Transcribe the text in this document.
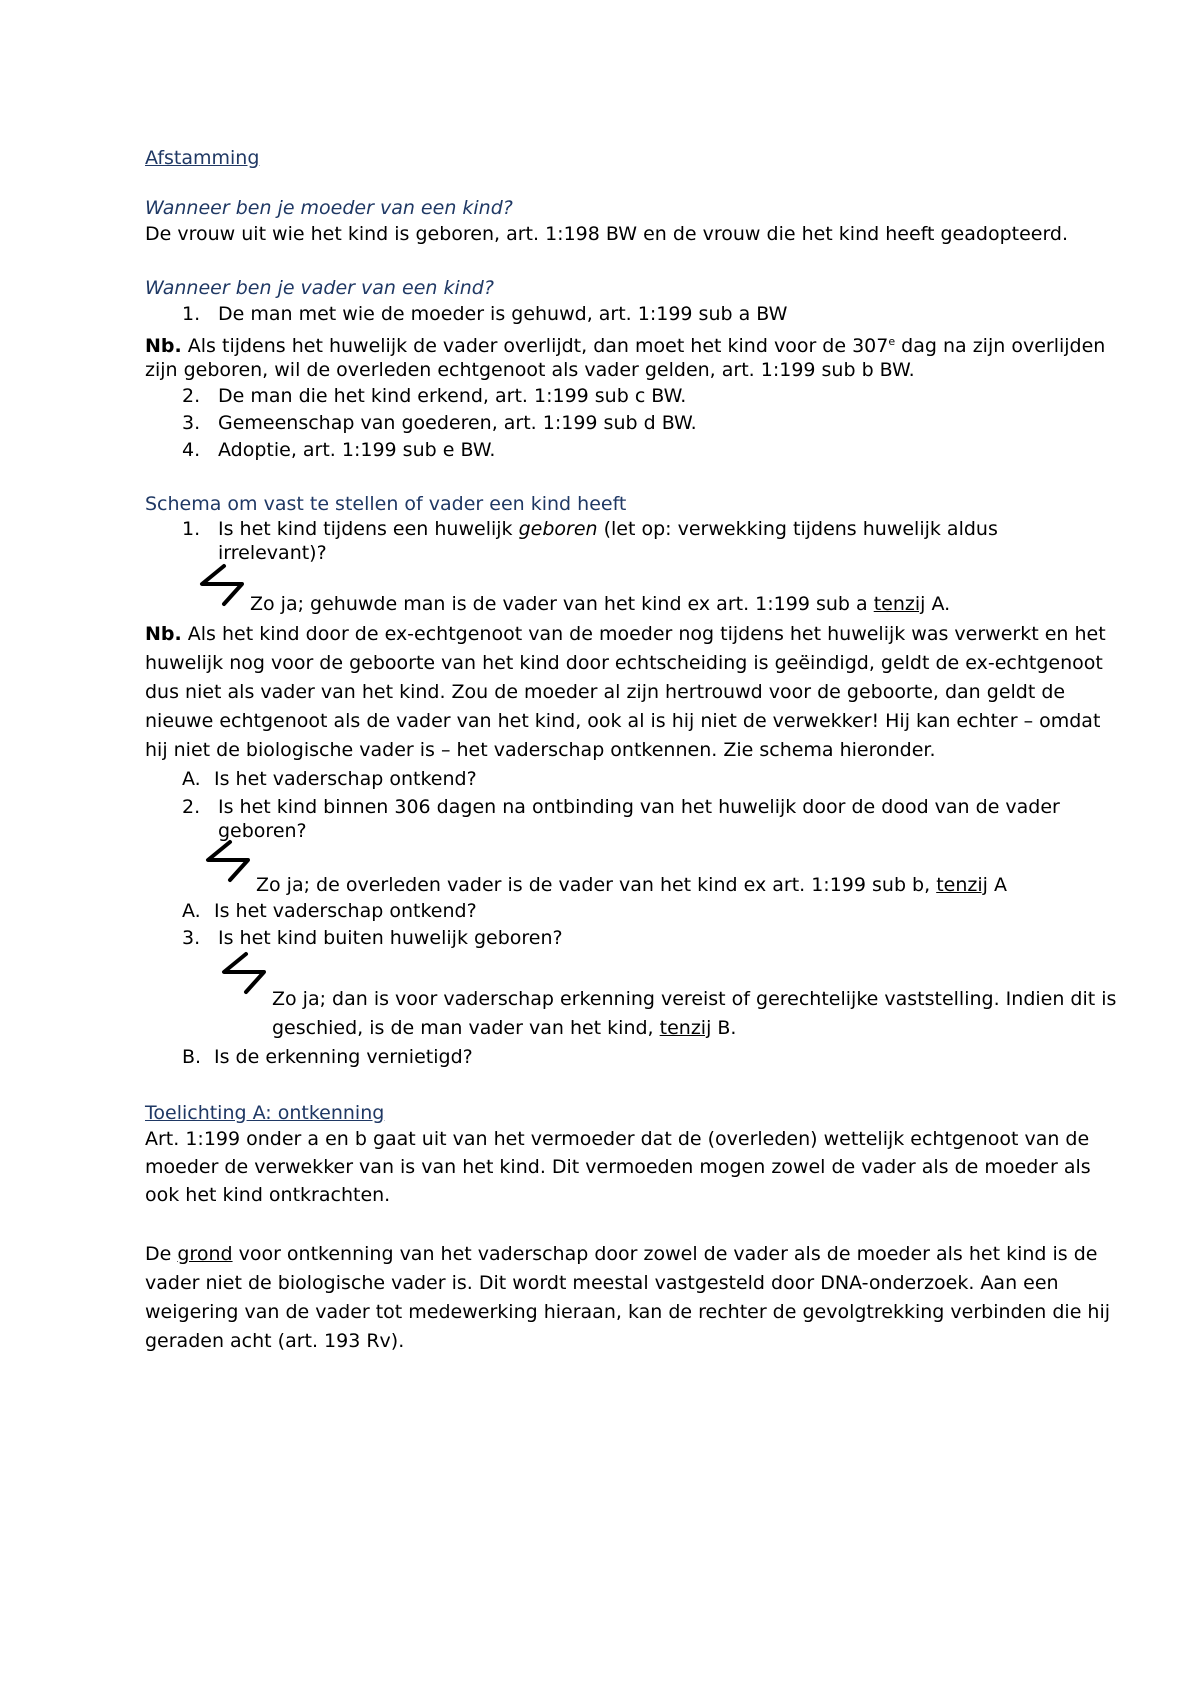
Afstamming
Wanneer ben je moeder van een kind?
De vrouw uit wie het kind is geboren, art. 1:198 BW en de vrouw die het kind heeft geadopteerd.
Wanneer ben je vader van een kind?
1. De man met wie de moeder is gehuwd, art. 1:199 sub a BW
Nb. Als tijdens het huwelijk de vader overlijdt, dan moet het kind voor de 307e dag na zijn overlijden
zijn geboren, wil de overleden echtgenoot als vader gelden, art. 1:199 sub b BW.
2. De man die het kind erkend, art. 1:199 sub c BW.
3. Gemeenschap van goederen, art. 1:199 sub d BW.
4. Adoptie, art. 1:199 sub e BW.
Schema om vast te stellen of vader een kind heeft
1. Is het kind tijdens een huwelijk geboren (let op: verwekking tijdens huwelijk aldus
irrelevant)?
Zo ja; gehuwde man is de vader van het kind ex art. 1:199 sub a tenzij A.
Nb. Als het kind door de ex-echtgenoot van de moeder nog tijdens het huwelijk was verwerkt en het
huwelijk nog voor de geboorte van het kind door echtscheiding is geëindigd, geldt de ex-echtgenoot
dus niet als vader van het kind. Zou de moeder al zijn hertrouwd voor de geboorte, dan geldt de
nieuwe echtgenoot als de vader van het kind, ook al is hij niet de verwekker! Hij kan echter – omdat
hij niet de biologische vader is – het vaderschap ontkennen. Zie schema hieronder.
A. Is het vaderschap ontkend?
2. Is het kind binnen 306 dagen na ontbinding van het huwelijk door de dood van de vader
geboren?
Zo ja; de overleden vader is de vader van het kind ex art. 1:199 sub b, tenzij A
A. Is het vaderschap ontkend?
3. Is het kind buiten huwelijk geboren?
Zo ja; dan is voor vaderschap erkenning vereist of gerechtelijke vaststelling. Indien dit is
geschied, is de man vader van het kind, tenzij B.
B. Is de erkenning vernietigd?
Toelichting A: ontkenning
Art. 1:199 onder a en b gaat uit van het vermoeder dat de (overleden) wettelijk echtgenoot van de
moeder de verwekker van is van het kind. Dit vermoeden mogen zowel de vader als de moeder als
ook het kind ontkrachten.
De grond voor ontkenning van het vaderschap door zowel de vader als de moeder als het kind is de
vader niet de biologische vader is. Dit wordt meestal vastgesteld door DNA-onderzoek. Aan een
weigering van de vader tot medewerking hieraan, kan de rechter de gevolgtrekking verbinden die hij
geraden acht (art. 193 Rv).
